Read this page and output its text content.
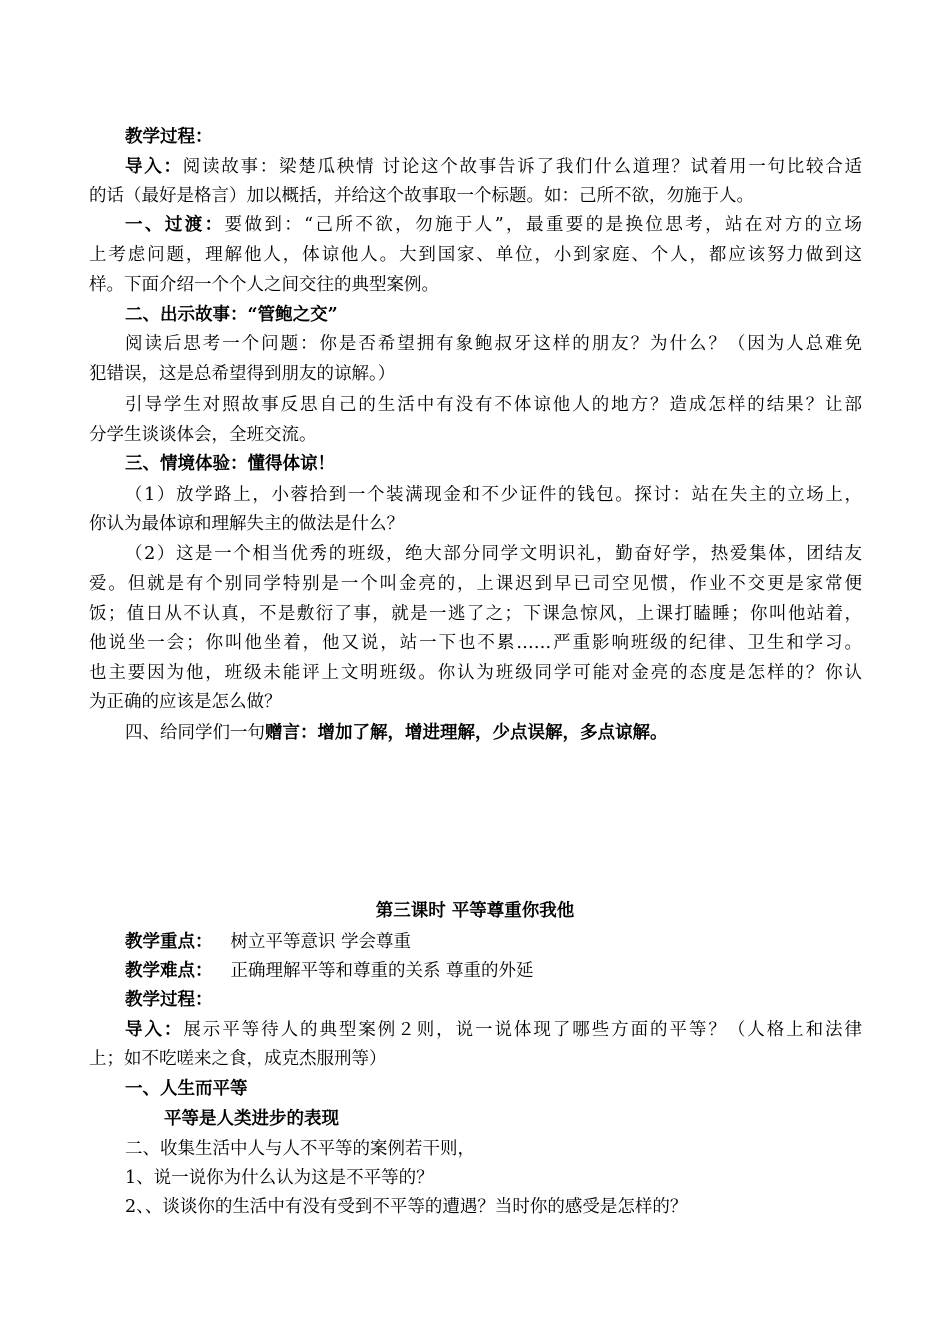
教学过程：
导入：阅读故事：梁楚瓜秧情 讨论这个故事告诉了我们什么道理？试着用一句比较合适
的话（最好是格言）加以概括，并给这个故事取一个标题。如：己所不欲，勿施于人。
一、过渡：要做到：“己所不欲，勿施于人”，最重要的是换位思考，站在对方的立场
上考虑问题，理解他人，体谅他人。大到国家、单位，小到家庭、个人，都应该努力做到这
样。下面介绍一个个人之间交往的典型案例。
二、出示故事：“管鲍之交”
阅读后思考一个问题：你是否希望拥有象鲍叔牙这样的朋友？为什么？（因为人总难免
犯错误，这是总希望得到朋友的谅解。）
引导学生对照故事反思自己的生活中有没有不体谅他人的地方？造成怎样的结果？让部
分学生谈谈体会，全班交流。
三、情境体验：懂得体谅！
（1）放学路上，小蓉拾到一个装满现金和不少证件的钱包。探讨：站在失主的立场上，
你认为最体谅和理解失主的做法是什么？
（2）这是一个相当优秀的班级，绝大部分同学文明识礼，勤奋好学，热爱集体，团结友
爱。但就是有个别同学特别是一个叫金亮的，上课迟到早已司空见惯，作业不交更是家常便
饭；值日从不认真，不是敷衍了事，就是一逃了之；下课急惊风，上课打瞌睡；你叫他站着，
他说坐一会；你叫他坐着，他又说，站一下也不累……严重影响班级的纪律、卫生和学习。
也主要因为他，班级未能评上文明班级。你认为班级同学可能对金亮的态度是怎样的？你认
为正确的应该是怎么做？
四、给同学们一句赠言：增加了解，增进理解，少点误解，多点谅解。
第三课时 平等尊重你我他
教学重点： 树立平等意识 学会尊重
教学难点： 正确理解平等和尊重的关系 尊重的外延
教学过程：
导入：展示平等待人的典型案例２则，说一说体现了哪些方面的平等？（人格上和法律
上；如不吃嗟来之食，成克杰服刑等）
一、人生而平等
平等是人类进步的表现
二、收集生活中人与人不平等的案例若干则，
1、说一说你为什么认为这是不平等的？
2、、谈谈你的生活中有没有受到不平等的遭遇？当时你的感受是怎样的？
